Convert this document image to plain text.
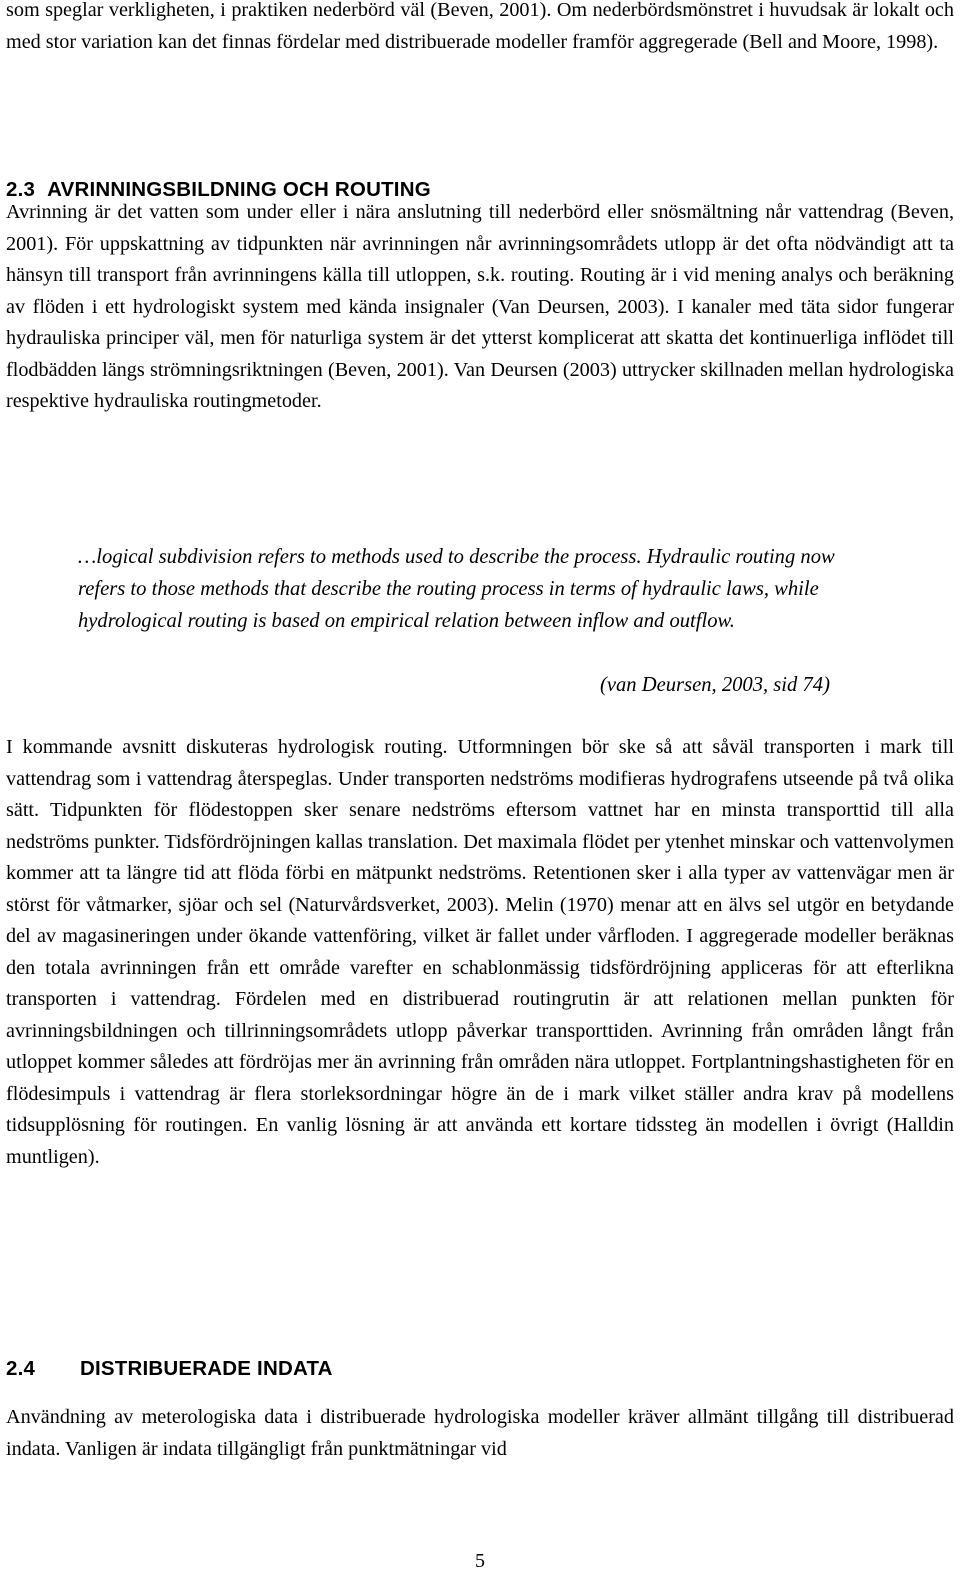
som speglar verkligheten, i praktiken nederbörd väl (Beven, 2001). Om nederbördsmönstret i huvudsak är lokalt och med stor variation kan det finnas fördelar med distribuerade modeller framför aggregerade (Bell and Moore, 1998).

2.3 AVRINNINGSBILDNING OCH ROUTING

Avrinning är det vatten som under eller i nära anslutning till nederbörd eller snösmältning når vattendrag (Beven, 2001). För uppskattning av tidpunkten när avrinningen når avrinningsområdets utlopp är det ofta nödvändigt att ta hänsyn till transport från avrinningens källa till utloppen, s.k. routing. Routing är i vid mening analys och beräkning av flöden i ett hydrologiskt system med kända insignaler (Van Deursen, 2003). I kanaler med täta sidor fungerar hydrauliska principer väl, men för naturliga system är det ytterst komplicerat att skatta det kontinuerliga inflödet till flodbädden längs strömningsriktningen (Beven, 2001). Van Deursen (2003) uttrycker skillnaden mellan hydrologiska respektive hydrauliska routingmetoder.

…logical subdivision refers to methods used to describe the process. Hydraulic routing now refers to those methods that describe the routing process in terms of hydraulic laws, while hydrological routing is based on empirical relation between inflow and outflow.

(van Deursen, 2003, sid 74)

I kommande avsnitt diskuteras hydrologisk routing. Utformningen bör ske så att såväl transporten i mark till vattendrag som i vattendrag återspeglas. Under transporten nedströms modifieras hydrografens utseende på två olika sätt. Tidpunkten för flödestoppen sker senare nedströms eftersom vattnet har en minsta transporttid till alla nedströms punkter. Tidsfördröjningen kallas translation. Det maximala flödet per ytenhet minskar och vattenvolymen kommer att ta längre tid att flöda förbi en mätpunkt nedströms. Retentionen sker i alla typer av vattenvägar men är störst för våtmarker, sjöar och sel (Naturvårdsverket, 2003). Melin (1970) menar att en älvs sel utgör en betydande del av magasineringen under ökande vattenföring, vilket är fallet under vårfloden. I aggregerade modeller beräknas den totala avrinningen från ett område varefter en schablonmässig tidsfördröjning appliceras för att efterlikna transporten i vattendrag. Fördelen med en distribuerad routingrutin är att relationen mellan punkten för avrinningsbildningen och tillrinningsområdets utlopp påverkar transporttiden. Avrinning från områden långt från utloppet kommer således att fördröjas mer än avrinning från områden nära utloppet. Fortplantningshastigheten för en flödesimpuls i vattendrag är flera storleksordningar högre än de i mark vilket ställer andra krav på modellens tidsupplösning för routingen. En vanlig lösning är att använda ett kortare tidssteg än modellen i övrigt (Halldin muntligen).

2.4 DISTRIBUERADE INDATA

Användning av meterologiska data i distribuerade hydrologiska modeller kräver allmänt tillgång till distribuerad indata. Vanligen är indata tillgängligt från punktmätningar vid

5
